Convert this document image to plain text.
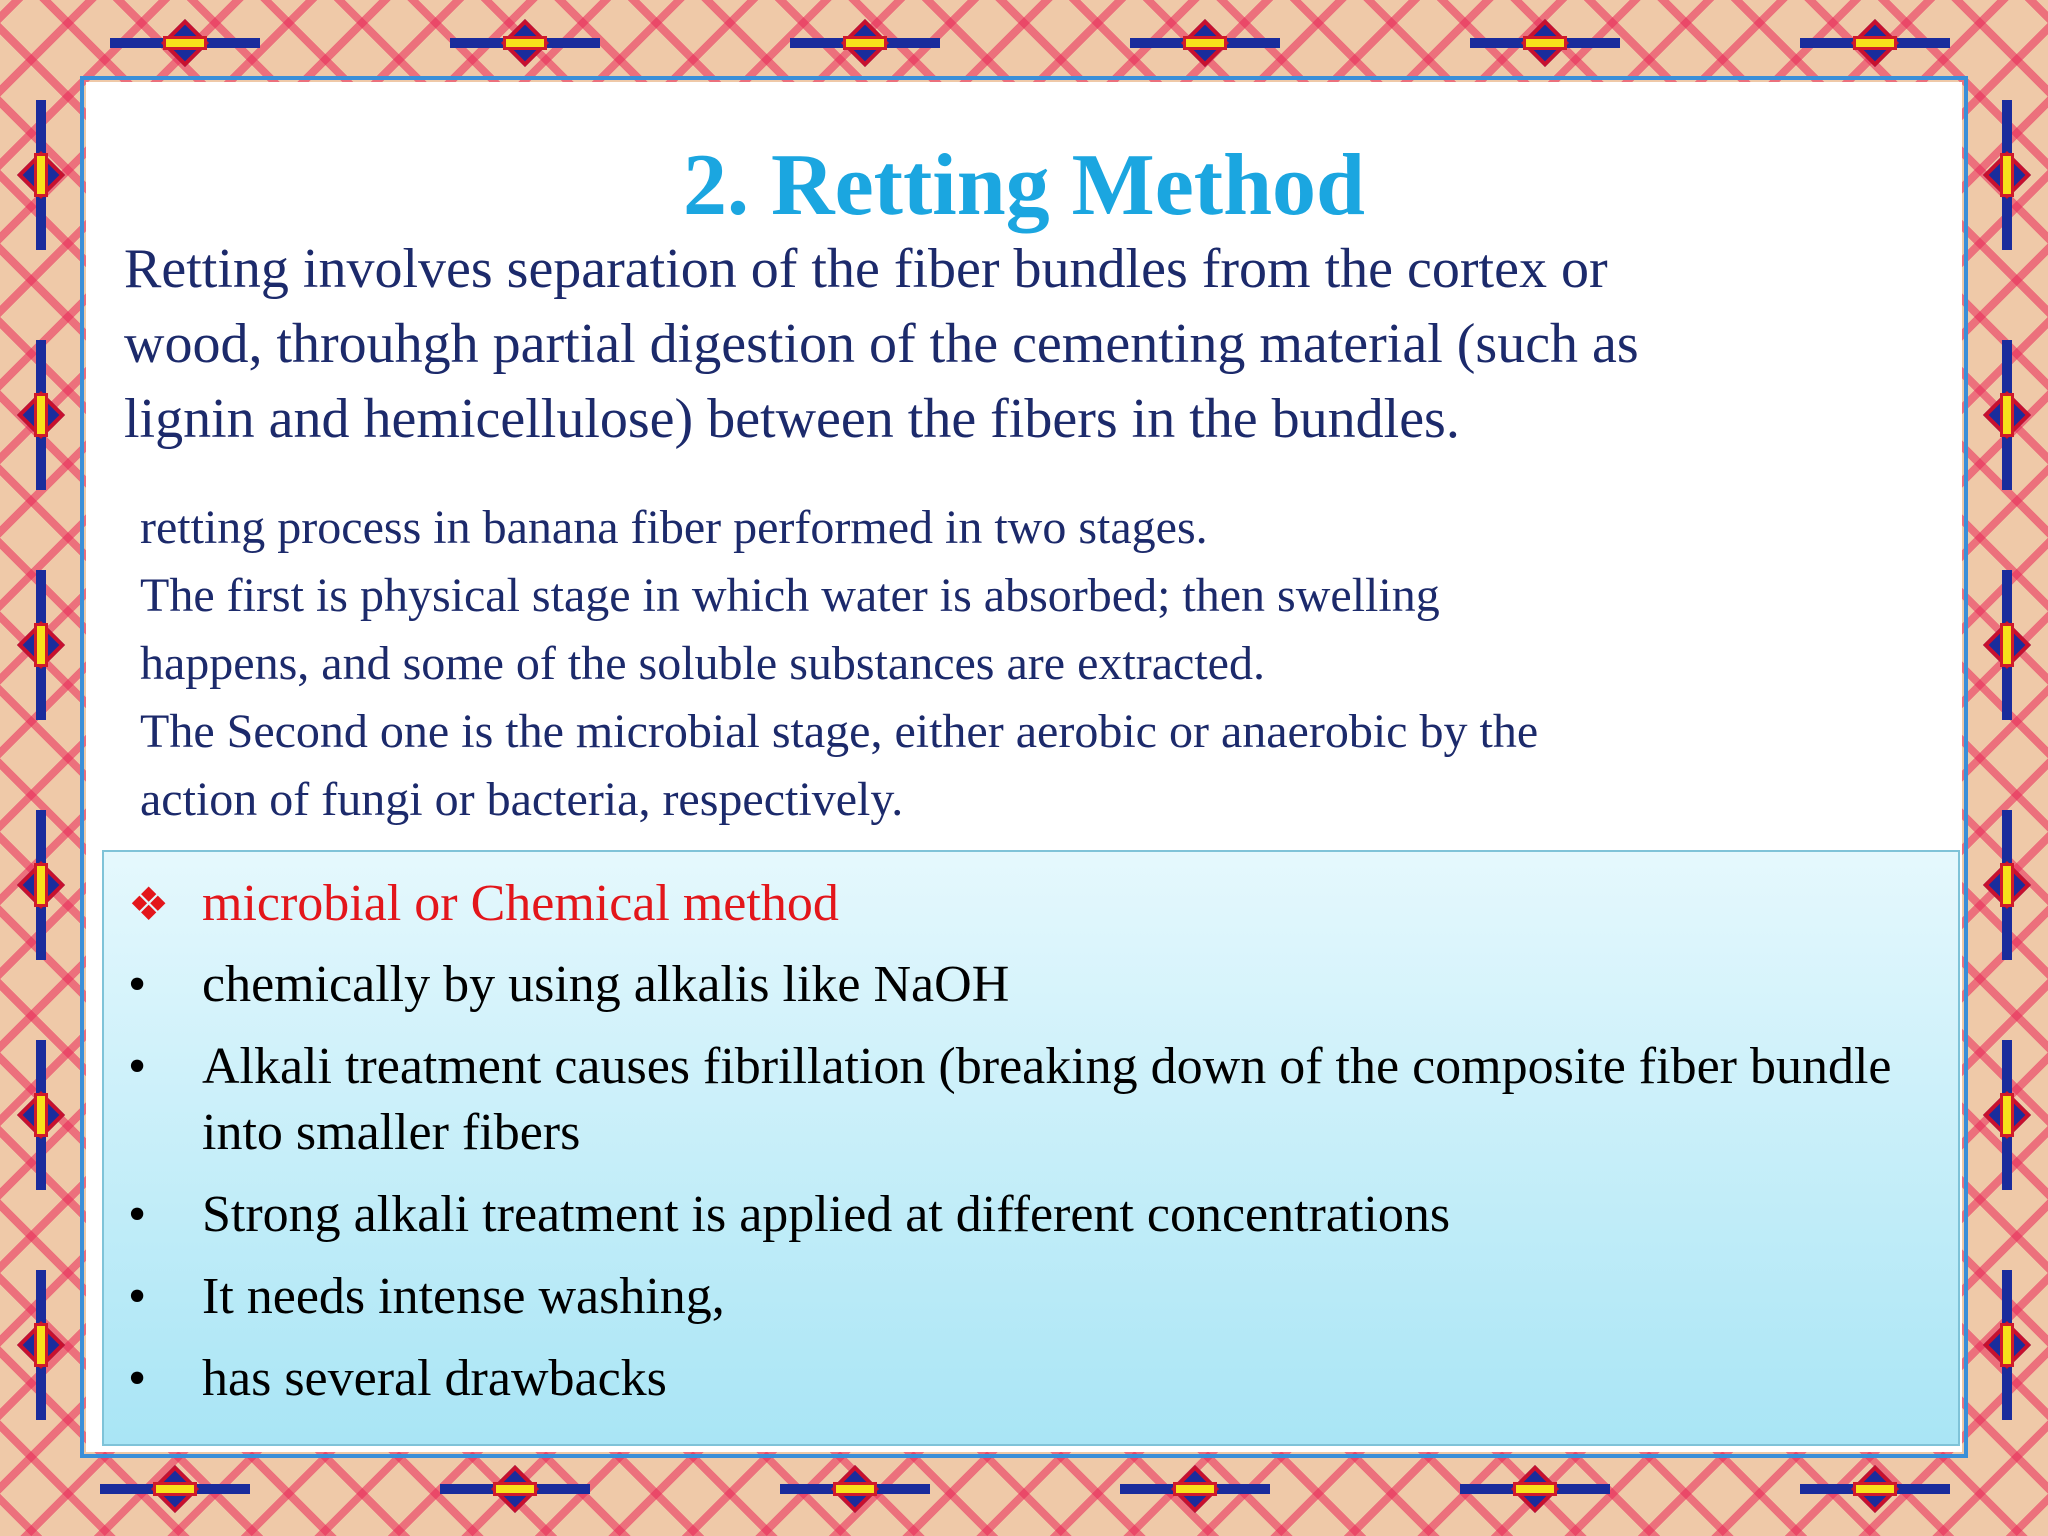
2. Retting Method
Retting involves separation of the fiber bundles from the cortex or
wood, throuhgh partial digestion of the cementing material (such as
lignin and hemicellulose) between the fibers in the bundles.
retting process in banana fiber performed in two stages.
The first is physical stage in which water is absorbed; then swelling
happens, and some of the soluble substances are extracted.
The Second one is the microbial stage, either aerobic or anaerobic by the
action of fungi or bacteria, respectively.
❖ microbial or Chemical method
•	chemically by using alkalis like NaOH
•	Alkali treatment causes fibrillation (breaking down of the composite fiber bundle into smaller fibers
•	Strong alkali treatment is applied at different concentrations
•	It needs intense washing,
•	has several drawbacks
